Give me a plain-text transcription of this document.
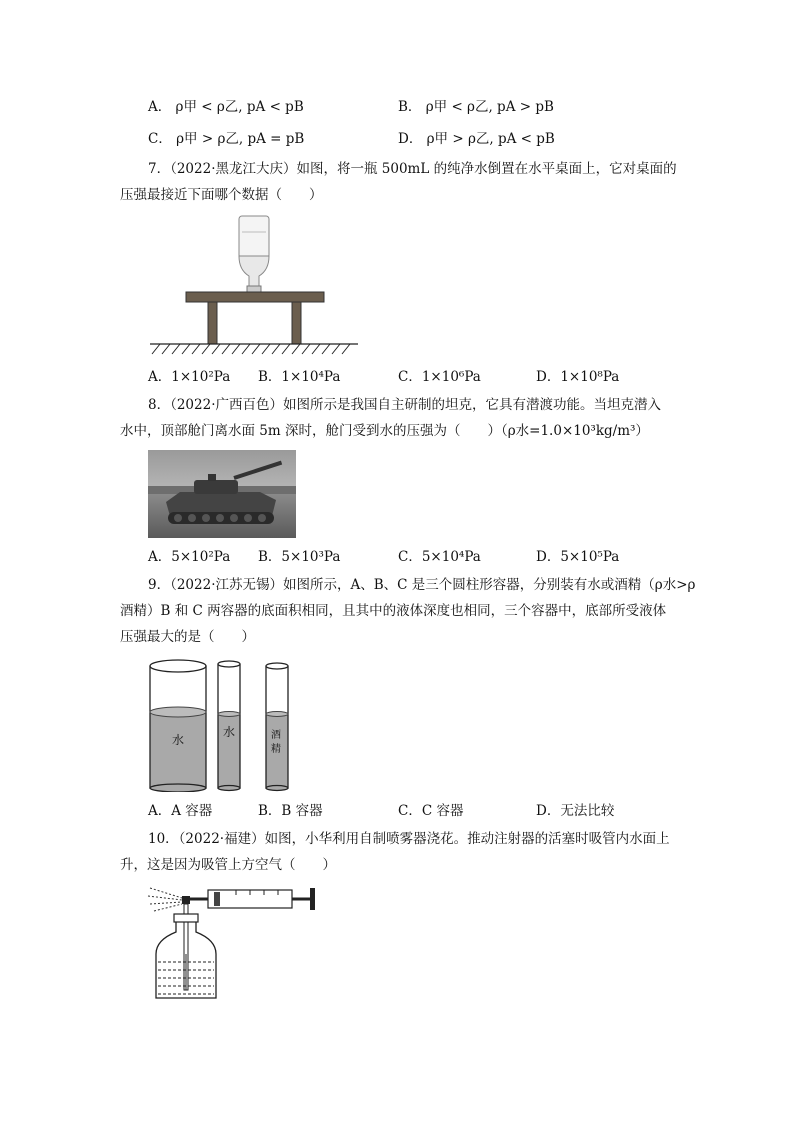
A． ρ甲 < ρ乙, pA < pB	B． ρ甲 < ρ乙, pA > pB
C． ρ甲 > ρ乙, pA = pB	D． ρ甲 > ρ乙, pA < pB
7．（2022·黑龙江大庆）如图，将一瓶 500mL 的纯净水倒置在水平桌面上，它对桌面的
压强最接近下面哪个数据（　　）
A．1×10²Pa B．1×10⁴Pa	C．1×10⁶Pa	D．1×10⁸Pa
8．（2022·广西百色）如图所示是我国自主研制的坦克，它具有潜渡功能。当坦克潜入
水中，顶部舱门离水面 5m 深时，舱门受到水的压强为（　　）（ρ水=1.0×10³kg/m³）
A．5×10²Pa B．5×10³Pa	C．5×10⁴Pa	D．5×10⁵Pa
9．（2022·江苏无锡）如图所示，A、B、C 是三个圆柱形容器，分别装有水或酒精（ρ水>ρ
酒精）B 和 C 两容器的底面积相同，且其中的液体深度也相同，三个容器中，底部所受液体
压强最大的是（　　）
水
水	酒
精
A．A 容器	B．B 容器	C．C 容器	D．无法比较
10．（2022·福建）如图，小华利用自制喷雾器浇花。推动注射器的活塞时吸管内水面上
升，这是因为吸管上方空气（　　）
